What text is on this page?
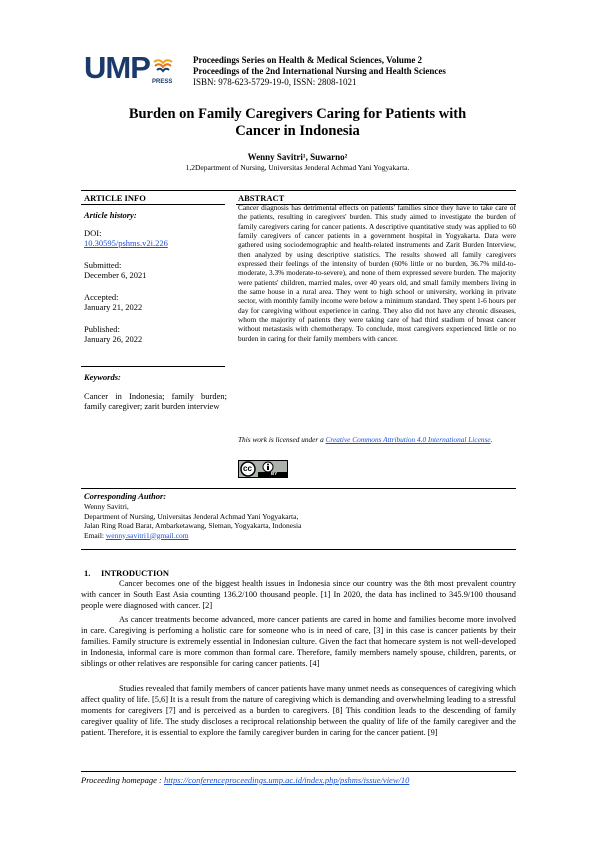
UMP PRESS
Proceedings Series on Health & Medical Sciences, Volume 2
Proceedings of the 2nd International Nursing and Health Sciences
ISBN: 978-623-5729-19-0, ISSN: 2808-1021
Burden on Family Caregivers Caring for Patients with
Cancer in Indonesia
Wenny Savitri¹, Suwarno²
1,2Department of Nursing, Universitas Jenderal Achmad Yani Yogyakarta.
ARTICLE INFO
Article history:
DOI:
10.30595/pshms.v2i.226
Submitted:
December 6, 2021
Accepted:
January 21, 2022
Published:
January 26, 2022
Keywords:
Cancer in Indonesia; family burden; family caregiver; zarit burden interview
ABSTRACT
Cancer diagnosis has detrimental effects on patients' families since they have to take care of the patients, resulting in caregivers' burden. This study aimed to investigate the burden of family caregivers caring for cancer patients. A descriptive quantitative study was applied to 60 family caregivers of cancer patients in a government hospital in Yogyakarta. Data were gathered using sociodemographic and health-related instruments and Zarit Burden Interview, then analyzed by using descriptive statistics. The results showed all family caregivers expressed their feelings of the intensity of burden (60% little or no burden, 36.7% mild-to-moderate, 3.3% moderate-to-severe), and none of them expressed severe burden. The majority were patients' children, married males, over 40 years old, and small family members living in the same house in a rural area. They went to high school or university, working in private sector, with monthly family income were below a minimum standard. They spent 1-6 hours per day for caregiving without experience in caring. They also did not have any chronic diseases, whom the majority of patients they were taking care of had third stadium of breast cancer without metastasis with chemotherapy. To conclude, most caregivers experienced little or no burden in caring for their family members with cancer.
This work is licensed under a Creative Commons Attribution 4.0 International License.
cc
BY
Corresponding Author:
Wenny Savitri,
Department of Nursing, Universitas Jenderal Achmad Yani Yogyakarta,
Jalan Ring Road Barat, Ambarketawang, Sleman, Yogyakarta, Indonesia
Email: wenny.savitri1@gmail.com
1.     INTRODUCTION
Cancer becomes one of the biggest health issues in Indonesia since our country was the 8th most prevalent country with cancer in South East Asia counting 136.2/100 thousand people. [1] In 2020, the data has inclined to 345.9/100 thousand people were diagnosed with cancer. [2]
As cancer treatments become advanced, more cancer patients are cared in home and families become more involved in care. Caregiving is perfoming a holistic care for someone who is in need of care, [3] in this case is cancer patients by their families. Family structure is extremely essential in Indonesian culture. Given the fact that homecare system is not well-developed in Indonesia, informal care is more common than formal care. Therefore, family members namely spouse, children, parents, or siblings or other relatives are responsible for caring cancer patients. [4]
Studies revealed that family members of cancer patients have many unmet needs as consequences of caregiving which affect quality of life. [5,6] It is a result from the nature of caregiving which is demanding and overwhelming leading to a stressful moments for caregivers [7] and is perceived as a burden to caregivers. [8] This condition leads to the descending of family caregiver quality of life. The study discloses a reciprocal relationship between the quality of life of the family caregiver and the patient. Therefore, it is essential to explore the family caregiver burden in caring for the cancer patient. [9]
Proceeding homepage : https://conferenceproceedings.ump.ac.id/index.php/pshms/issue/view/10
